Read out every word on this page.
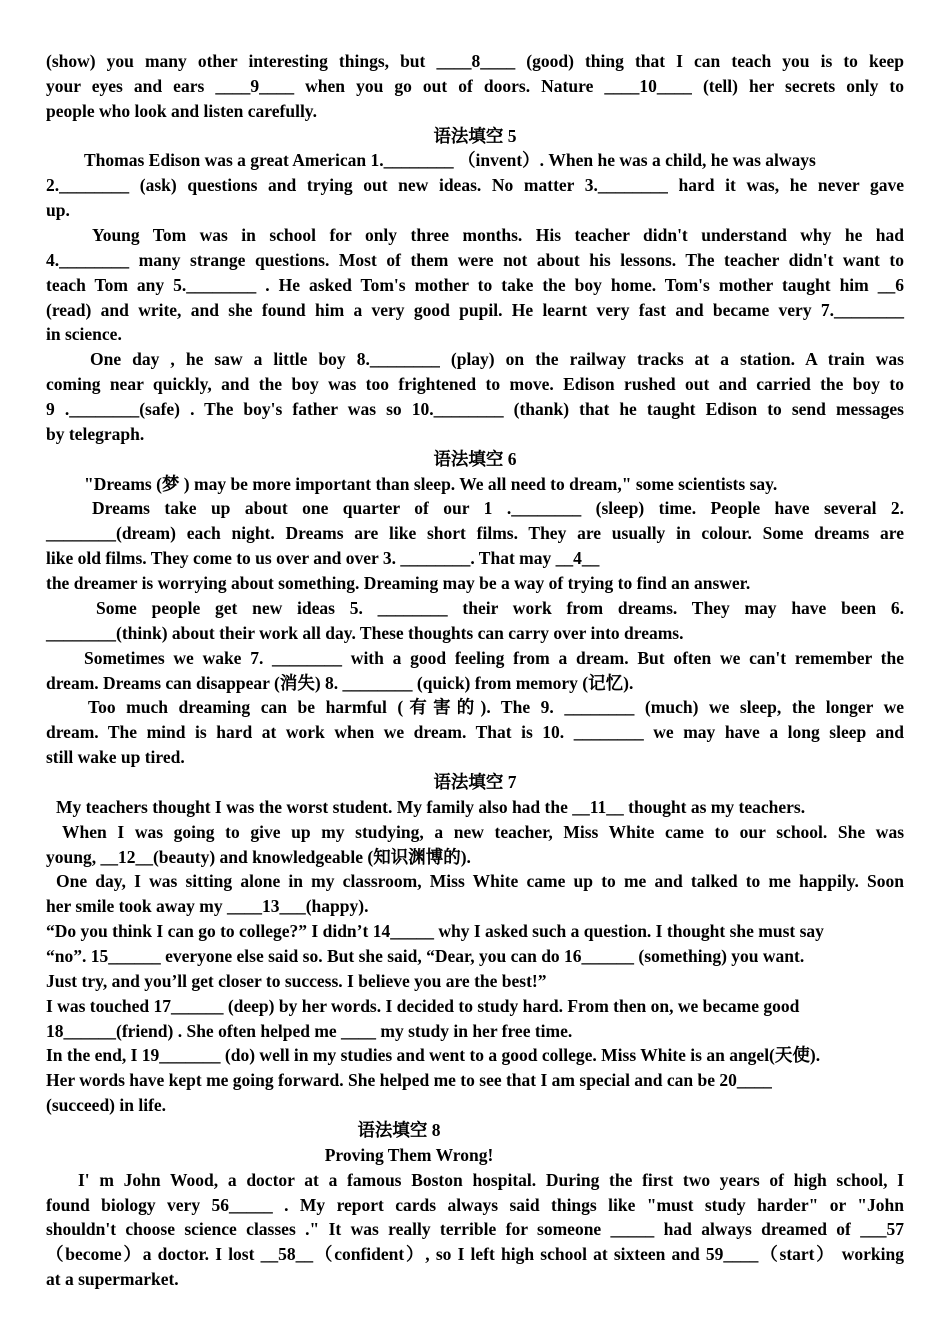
(show) you many other interesting things, but ____8____ (good) thing that I can teach you is to keep
your eyes and ears ____9____ when you go out of doors. Nature ____10____ (tell) her secrets only to
people who look and listen carefully.
语法填空 5
Thomas Edison was a great American 1.________ （invent）. When he was a child, he was always
2.________ (ask) questions and trying out new ideas. No matter 3.________ hard it was, he never gave
up.
Young Tom was in school for only three months. His teacher didn't understand why he had
4.________ many strange questions. Most of them were not about his lessons. The teacher didn't want to
teach Tom any 5.________ . He asked Tom's mother to take the boy home. Tom's mother taught him __6
(read) and write, and she found him a very good pupil. He learnt very fast and became very 7.________
in science.
One day , he saw a little boy 8.________ (play) on the railway tracks at a station. A train was
coming near quickly, and the boy was too frightened to move. Edison rushed out and carried the boy to
9 .________(safe) . The boy's father was so 10.________ (thank) that he taught Edison to send messages
by telegraph.
语法填空 6
"Dreams (梦 ) may be more important than sleep. We all need to dream," some scientists say.
Dreams take up about one quarter of our 1 .________ (sleep) time. People have several 2.
________(dream) each night. Dreams are like short films. They are usually in colour. Some dreams are
like old films. They come to us over and over 3. ________. That may __4__
the dreamer is worrying about something. Dreaming may be a way of trying to find an answer.
Some people get new ideas 5. ________ their work from dreams. They may have been 6.
________(think) about their work all day. These thoughts can carry over into dreams.
Sometimes we wake 7. ________ with a good feeling from a dream. But often we can't remember the
dream. Dreams can disappear (消失) 8. ________ (quick) from memory (记忆).
Too much dreaming can be harmful (有害的). The 9. ________ (much) we sleep, the longer we
dream. The mind is hard at work when we dream. That is 10. ________ we may have a long sleep and
still wake up tired.
语法填空 7
My teachers thought I was the worst student. My family also had the __11__ thought as my teachers.
When I was going to give up my studying, a new teacher, Miss White came to our school. She was
young, __12__(beauty) and knowledgeable (知识渊博的).
One day, I was sitting alone in my classroom, Miss White came up to me and talked to me happily. Soon
her smile took away my ____13___(happy).
“Do you think I can go to college?” I didn’t 14_____ why I asked such a question. I thought she must say
“no”. 15______ everyone else said so. But she said, “Dear, you can do 16______ (something) you want.
Just try, and you’ll get closer to success. I believe you are the best!”
I was touched 17______ (deep) by her words. I decided to study hard. From then on, we became good
18______(friend) . She often helped me ____ my study in her free time.
In the end, I 19_______ (do) well in my studies and went to a good college. Miss White is an angel(天使).
Her words have kept me going forward. She helped me to see that I am special and can be 20____
(succeed) in life.
语法填空 8
Proving Them Wrong!
I' m John Wood, a doctor at a famous Boston hospital. During the first two years of high school, I
found biology very 56_____ . My report cards always said things like "must study harder" or "John
shouldn't choose science classes ." It was really terrible for someone _____ had always dreamed of ___57
（become）a doctor. I lost __58__（confident）, so I left high school at sixteen and 59____（start） working
at a supermarket.
